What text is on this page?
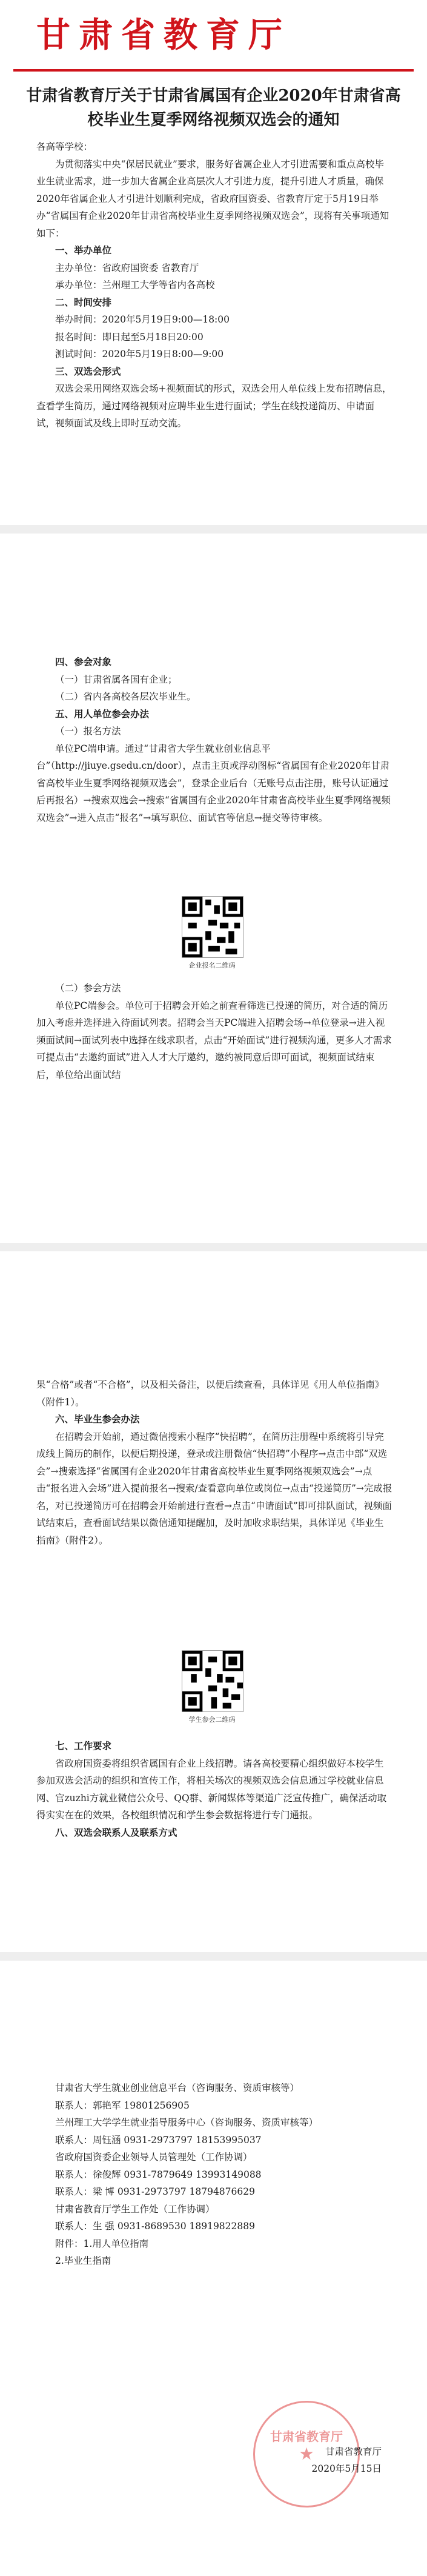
甘肃省教育厅
甘肃省教育厅关于甘肃省属国有企业2020年甘肃省高校毕业生夏季网络视频双选会的通知

各高等学校：

为贯彻落实中央“保居民就业”要求，服务好省属企业人才引进需要和重点高校毕业生就业需求，进一步加大省属企业高层次人才引进力度，提升引进人才质量，确保2020年省属企业人才引进计划顺利完成，省政府国资委、省教育厅定于5月19日举办“省属国有企业2020年甘肃省高校毕业生夏季网络视频双选会”，现将有关事项通知如下：

一、举办单位

主办单位：省政府国资委 省教育厅

承办单位：兰州理工大学等省内各高校

二、时间安排

举办时间：2020年5月19日9:00—18:00

报名时间：即日起至5月18日20:00

测试时间：2020年5月19日8:00—9:00

三、双选会形式

双选会采用网络双选会场+视频面试的形式，双选会用人单位线上发布招聘信息，查看学生简历，通过网络视频对应聘毕业生进行面试；学生在线投递简历、申请面试，视频面试及线上即时互动交流。

四、参会对象

（一）甘肃省属各国有企业；

（二）省内各高校各层次毕业生。

五、用人单位参会办法

（一）报名方法

单位PC端申请。通过“甘肃省大学生就业创业信息平台”（http://jiuye.gsedu.cn/door），点击主页或浮动图标“省属国有企业2020年甘肃省高校毕业生夏季网络视频双选会”，登录企业后台（无账号点击注册，账号认证通过后再报名）→搜索双选会→搜索“省属国有企业2020年甘肃省高校毕业生夏季网络视频双选会”→进入点击“报名”→填写职位、面试官等信息→提交等待审核。

企业报名二维码

（二）参会方法

单位PC端参会。单位可于招聘会开始之前查看筛选已投递的简历，对合适的简历加入考虑并选择进入待面试列表。招聘会当天PC端进入招聘会场→单位登录→进入视频面试间→面试列表中选择在线求职者，点击“开始面试”进行视频沟通，更多人才需求可提点击“去邀约面试”进入人才大厅邀约，邀约被同意后即可面试，视频面试结束后，单位给出面试结

果“合格”或者“不合格”，以及相关备注，以便后续查看，具体详见《用人单位指南》（附件1）。

六、毕业生参会办法

在招聘会开始前，通过微信搜索小程序“快招聘”，在简历注册程中系统将引导完成线上简历的制作，以便后期投递，登录或注册微信“快招聘”小程序→点击中部“双选会”→搜索选择“省属国有企业2020年甘肃省高校毕业生夏季网络视频双选会”→点击“报名进入会场”进入提前报名→搜索/查看意向单位或岗位→点击“投递简历”→完成报名，对已投递简历可在招聘会开始前进行查看→点击“申请面试”即可排队面试，视频面试结束后，查看面试结果以微信通知提醒加，及时加收求职结果，具体详见《毕业生指南》（附件2）。

学生参会二维码

七、工作要求

省政府国资委将组织省属国有企业上线招聘。请各高校要精心组织做好本校学生参加双选会活动的组织和宣传工作，将相关场次的视频双选会信息通过学校就业信息网、官zuzhi方就业微信公众号、QQ群、新闻媒体等渠道广泛宣传推广，确保活动取得实实在在的效果，各校组织情况和学生参会数据将进行专门通报。

八、双选会联系人及联系方式

甘肃省大学生就业创业信息平台（咨询服务、资质审核等）

联系人：郭艳军 19801256905

兰州理工大学学生就业指导服务中心（咨询服务、资质审核等）

联系人：周钰涵 0931-2973797 18153995037

省政府国资委企业领导人员管理处（工作协调）

联系人：徐俊辉 0931-7879649 13993149088

联系人：梁 博 0931-2973797 18794876629

甘肃省教育厅学生工作处（工作协调）

联系人：生 强 0931-8689530 18919822889

附件：1.用人单位指南

2.毕业生指南

甘肃省教育厅
★	甘肃省教育厅
2020年5月15日
